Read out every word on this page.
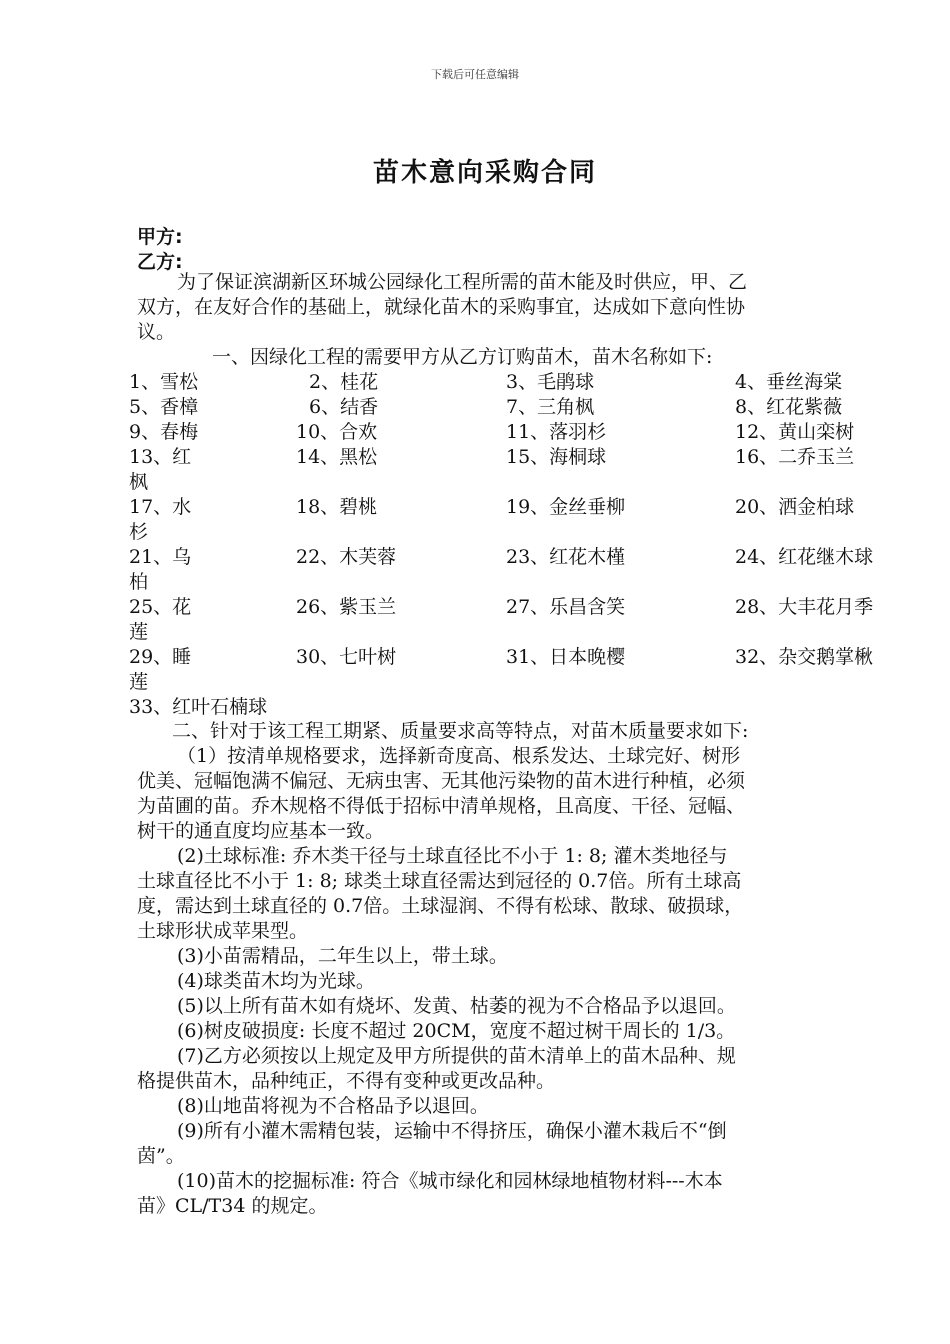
下载后可任意编辑
苗木意向采购合同
甲方:
乙方:
为了保证滨湖新区环城公园绿化工程所需的苗木能及时供应，甲、乙
双方，在友好合作的基础上，就绿化苗木的采购事宜，达成如下意向性协
议。
一、因绿化工程的需要甲方从乙方订购苗木，苗木名称如下:
1、雪松	2、桂花	3、毛鹃球	4、垂丝海棠
5、香樟	6、结香	7、三角枫	8、红花紫薇
9、春梅	10、合欢	11、落羽杉	12、黄山栾树
13、红	14、黑松	15、海桐球	16、二乔玉兰
枫
17、水	18、碧桃	19、金丝垂柳	20、洒金柏球
杉
21、乌	22、木芙蓉	23、红花木槿	24、红花继木球
柏
25、花	26、紫玉兰	27、乐昌含笑	28、大丰花月季
莲
29、睡	30、七叶树	31、日本晚樱	32、杂交鹅掌楸
莲
33、红叶石楠球
二、针对于该工程工期紧、质量要求高等特点，对苗木质量要求如下:
（1）按清单规格要求，选择新奇度高、根系发达、土球完好、树形
优美、冠幅饱满不偏冠、无病虫害、无其他污染物的苗木进行种植，必须
为苗圃的苗。乔木规格不得低于招标中清单规格，且高度、干径、冠幅、
树干的通直度均应基本一致。
(2)土球标准: 乔木类干径与土球直径比不小于 1: 8; 灌木类地径与
土球直径比不小于 1: 8; 球类土球直径需达到冠径的 0.7倍。所有土球高
度，需达到土球直径的 0.7倍。土球湿润、不得有松球、散球、破损球，
土球形状成苹果型。
(3)小苗需精品，二年生以上，带土球。
(4)球类苗木均为光球。
(5)以上所有苗木如有烧坏、发黄、枯萎的视为不合格品予以退回。
(6)树皮破损度: 长度不超过 20CM，宽度不超过树干周长的 1/3。
(7)乙方必须按以上规定及甲方所提供的苗木清单上的苗木品种、规
格提供苗木，品种纯正，不得有变种或更改品种。
(8)山地苗将视为不合格品予以退回。
(9)所有小灌木需精包装，运输中不得挤压，确保小灌木栽后不“倒
茵”。
(10)苗木的挖掘标准: 符合《城市绿化和园林绿地植物材料---木本
苗》CL/T34 的规定。
